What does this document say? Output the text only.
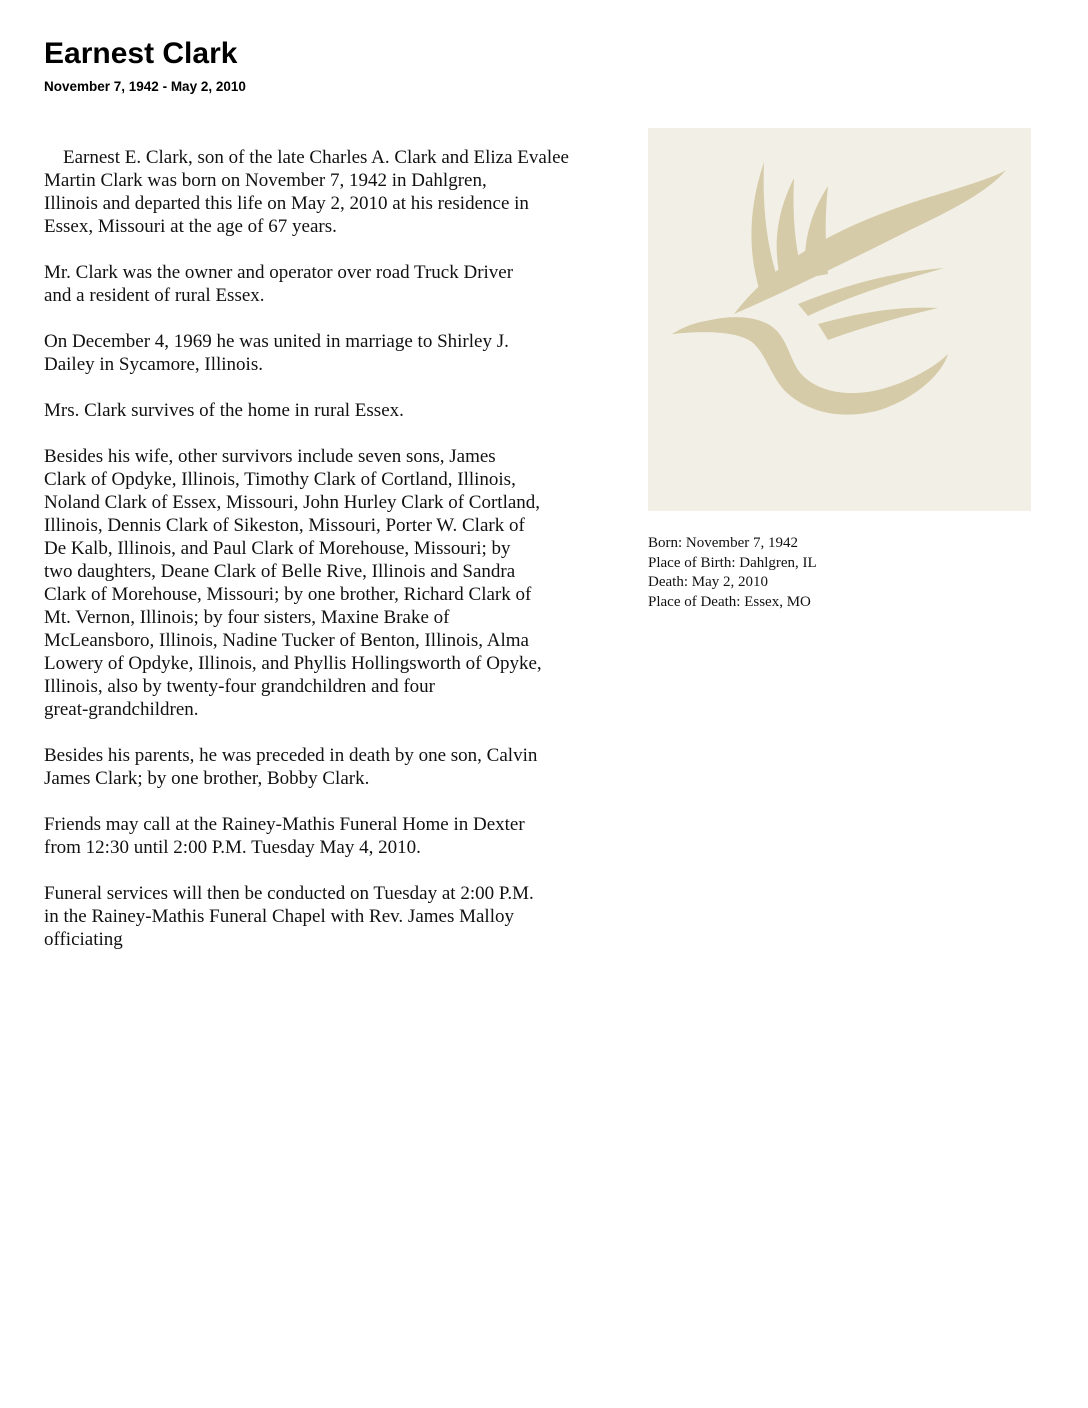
Earnest Clark
November 7, 1942 - May 2, 2010

Earnest E. Clark, son of the late Charles A. Clark and Eliza Evalee
Martin Clark was born on November 7, 1942 in Dahlgren,
Illinois and departed this life on May 2, 2010 at his residence in
Essex, Missouri at the age of 67 years.

Mr. Clark was the owner and operator over road Truck Driver
and a resident of rural Essex.

On December 4, 1969 he was united in marriage to Shirley J.
Dailey in Sycamore, Illinois.

Mrs. Clark survives of the home in rural Essex.

Besides his wife, other survivors include seven sons, James
Clark of Opdyke, Illinois, Timothy Clark of Cortland, Illinois,
Noland Clark of Essex, Missouri, John Hurley Clark of Cortland,
Illinois, Dennis Clark of Sikeston, Missouri, Porter W. Clark of
De Kalb, Illinois, and Paul Clark of Morehouse, Missouri; by
two daughters, Deane Clark of Belle Rive, Illinois and Sandra
Clark of Morehouse, Missouri; by one brother, Richard Clark of
Mt. Vernon, Illinois; by four sisters, Maxine Brake of
McLeansboro, Illinois, Nadine Tucker of Benton, Illinois, Alma
Lowery of Opdyke, Illinois, and Phyllis Hollingsworth of Opyke,
Illinois, also by twenty-four grandchildren and four
great-grandchildren.

Besides his parents, he was preceded in death by one son, Calvin
James Clark; by one brother, Bobby Clark.

Friends may call at the Rainey-Mathis Funeral Home in Dexter
from 12:30 until 2:00 P.M. Tuesday May 4, 2010.

Funeral services will then be conducted on Tuesday at 2:00 P.M.
in the Rainey-Mathis Funeral Chapel with Rev. James Malloy
officiating

Born: November 7, 1942
Place of Birth: Dahlgren, IL
Death: May 2, 2010
Place of Death: Essex, MO
